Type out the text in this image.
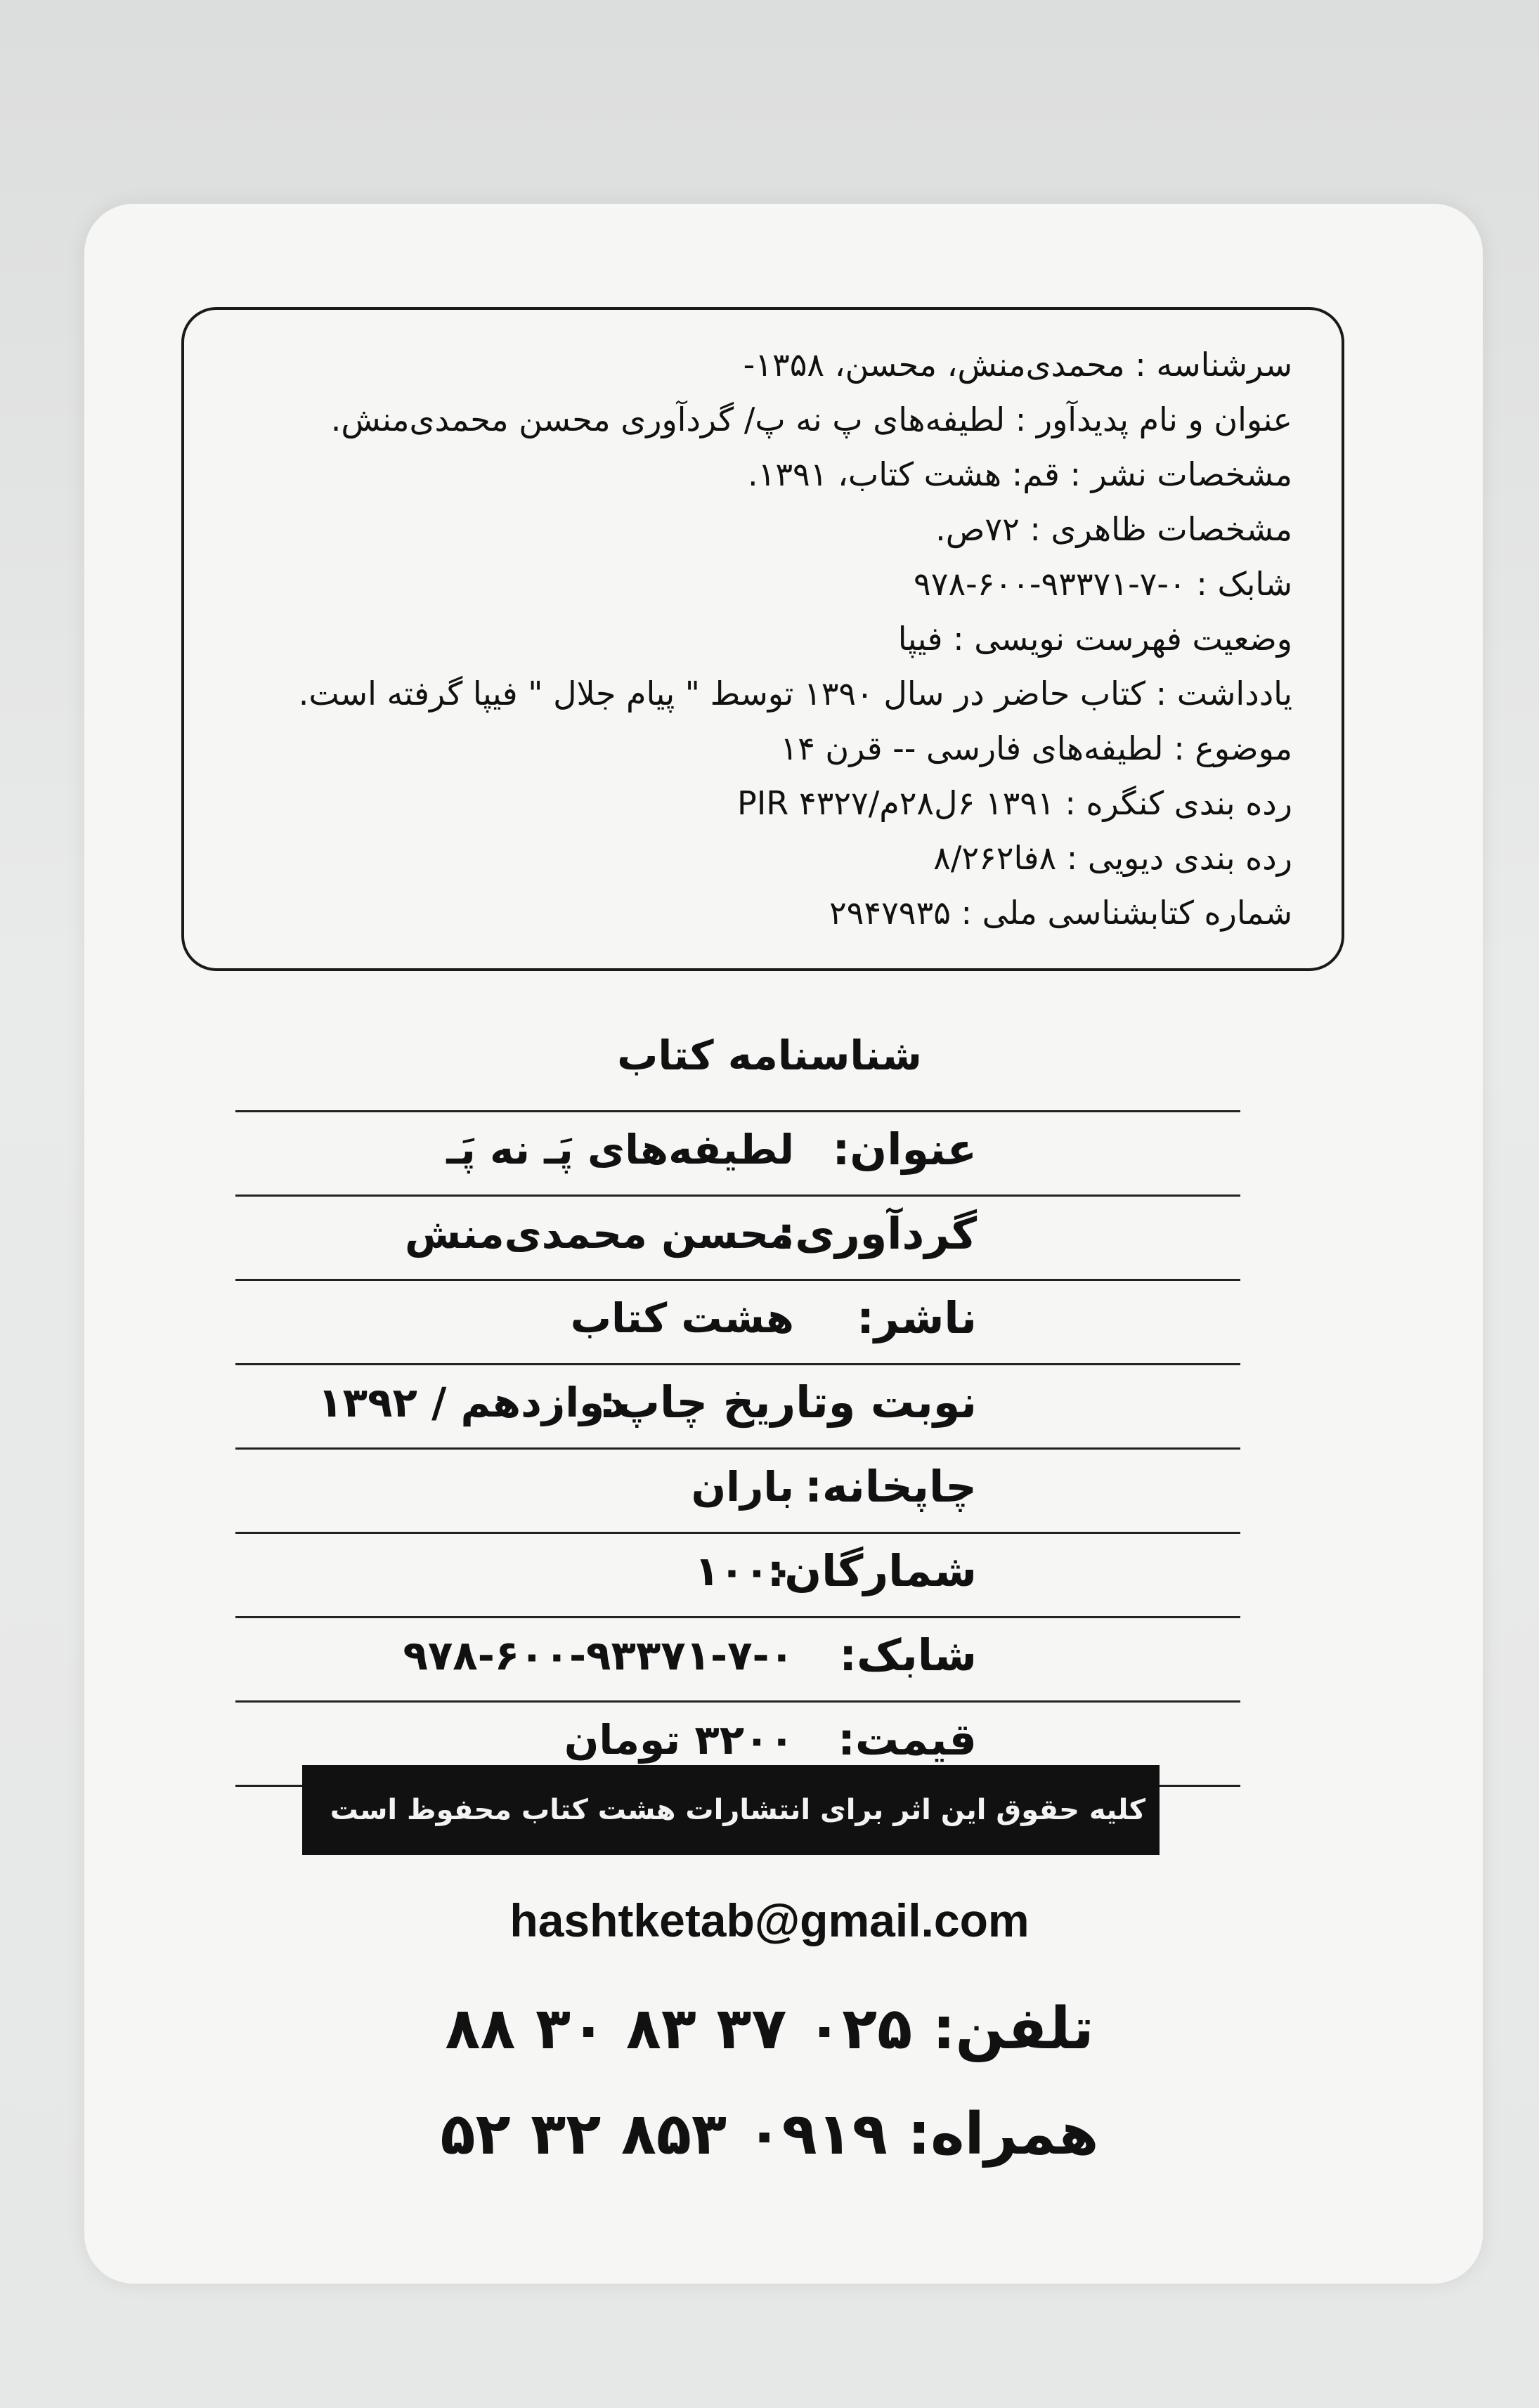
سرشناسه : محمدی‌منش، محسن، ۱۳۵۸-
عنوان و نام پدیدآور : لطیفه‌های پ نه پ/ گردآوری محسن محمدی‌منش.
مشخصات نشر : قم: هشت کتاب، ۱۳۹۱.
مشخصات ظاهری : ۷۲ص.
شابک : ۰-۷-۹۳۳۷۱-۶۰۰-۹۷۸
وضعیت فهرست نویسی : فیپا
یادداشت : کتاب حاضر در سال ۱۳۹۰ توسط " پیام جلال " فیپا گرفته است.
موضوع : لطیفه‌های فارسی -- قرن ۱۴
رده بندی کنگره : ۱۳۹۱ ۶ل۲۸م/۴۳۲۷ PIR
رده بندی دیویی : ۸فا۸/۲۶۲
شماره کتابشناسی ملی : ۲۹۴۷۹۳۵
شناسنامه کتاب
عنوان:
لطیفه‌های پَـ نه پَـ
گردآوری:
محسن محمدی‌منش
ناشر:
هشت کتاب
نوبت وتاریخ چاپ:
دوازدهم / ۱۳۹۲
چاپخانه:
باران
شمارگان:
۱۰۰۰
شابک:
۹۷۸-۶۰۰-۹۳۳۷۱-۷-۰
قیمت:
۳۲۰۰ تومان
کلیه حقوق این اثر برای انتشارات هشت کتاب محفوظ است
hashtketab@gmail.com
تلفن: ۰۲۵ ۳۷ ۸۳ ۳۰ ۸۸
همراه: ۰۹۱۹ ۸۵۳ ۳۲ ۵۲
